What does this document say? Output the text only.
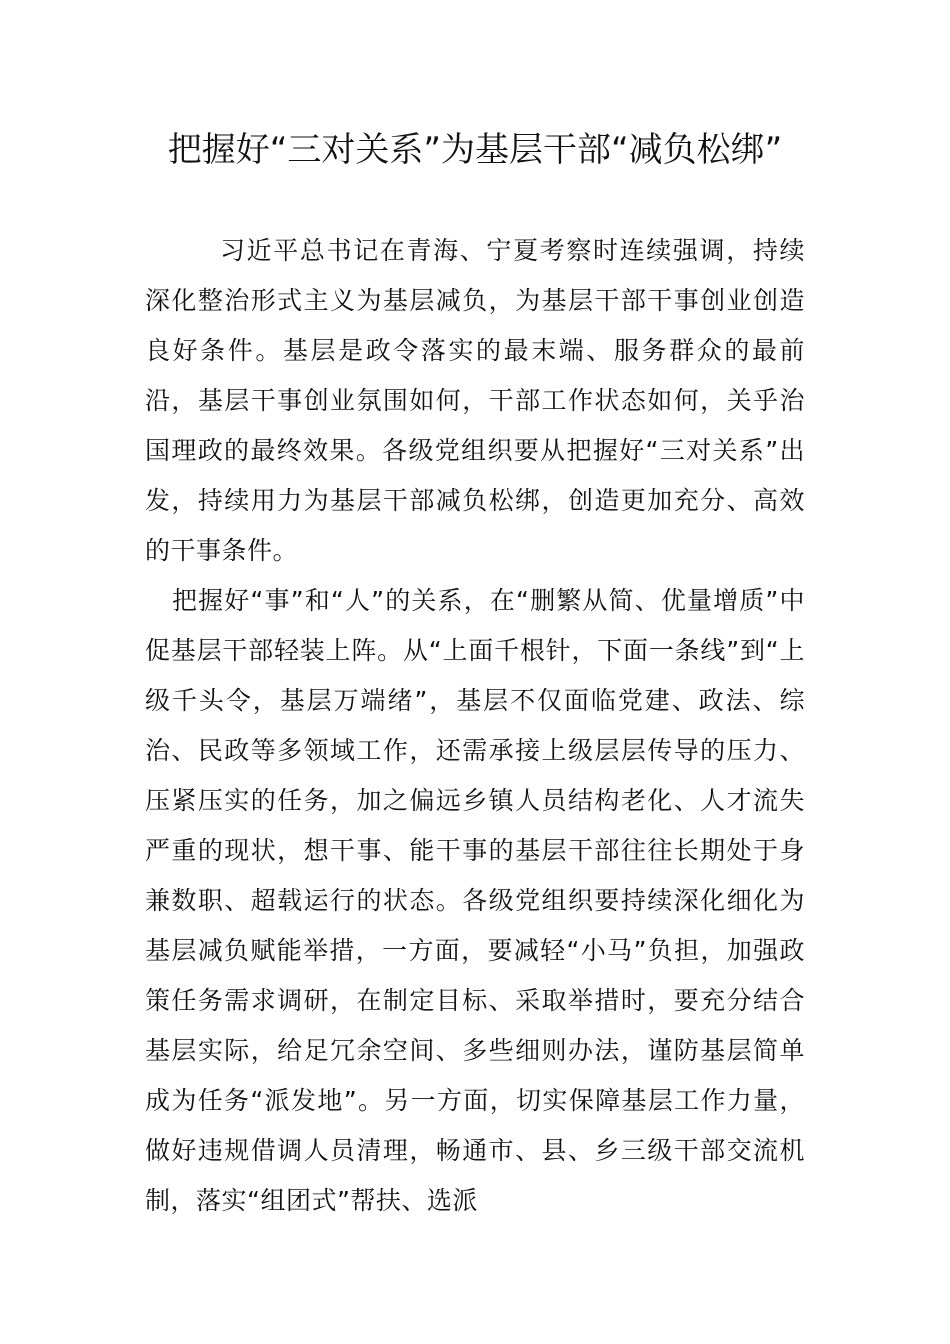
把握好“三对关系”为基层干部“减负松绑”

习近平总书记在青海、宁夏考察时连续强调，持续深化整治形式主义为基层减负，为基层干部干事创业创造良好条件。基层是政令落实的最末端、服务群众的最前沿，基层干事创业氛围如何，干部工作状态如何，关乎治国理政的最终效果。各级党组织要从把握好“三对关系”出发，持续用力为基层干部减负松绑，创造更加充分、高效的干事条件。

把握好“事”和“人”的关系，在“删繁从简、优量增质”中促基层干部轻装上阵。从“上面千根针，下面一条线”到“上级千头令，基层万端绪”，基层不仅面临党建、政法、综治、民政等多领域工作，还需承接上级层层传导的压力、压紧压实的任务，加之偏远乡镇人员结构老化、人才流失严重的现状，想干事、能干事的基层干部往往长期处于身兼数职、超载运行的状态。各级党组织要持续深化细化为基层减负赋能举措，一方面，要减轻“小马”负担，加强政策任务需求调研，在制定目标、采取举措时，要充分结合基层实际，给足冗余空间、多些细则办法，谨防基层简单成为任务“派发地”。另一方面，切实保障基层工作力量，做好违规借调人员清理，畅通市、县、乡三级干部交流机制，落实“组团式”帮扶、选派
